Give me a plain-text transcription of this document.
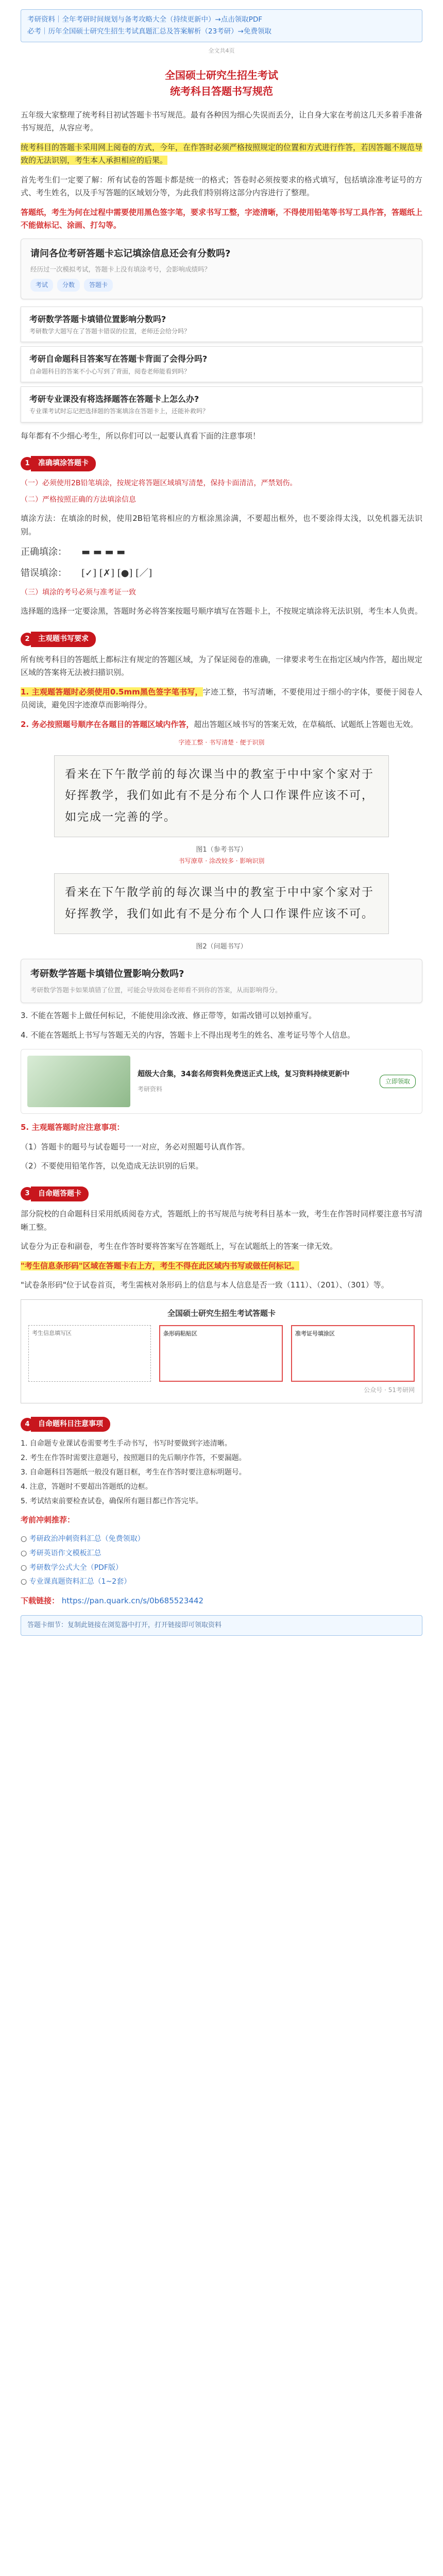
考研资料｜全年考研时间规划与备考攻略大全（持续更新中）→点击领取PDF
必考｜历年全国硕士研究生招生考试真题汇总及答案解析（23考研）→免费领取
全文共4页
全国硕士研究生招生考试
统考科目答题书写规范

五年级大家整理了统考科目初试答题卡书写规范。最有各种因为细心失误而丢分，让自身大家在考前这几天多着手准备书写规范，从容应考。

统考科目的答题卡采用网上阅卷的方式，今年，在作答时必须严格按照规定的位置和方式进行作答，若因答题不规范导致的无法识别，考生本人承担相应的后果。

首先考生们一定要了解：所有试卷的答题卡都是统一的格式；答卷时必须按要求的格式填写，包括填涂准考证号的方式、考生姓名，以及手写答题的区域划分等，为此我们特别将这部分内容进行了整理。

答题纸，考生为何在过程中需要使用黑色签字笔，要求书写工整，字迹清晰，不得使用铅笔等书写工具作答，答题纸上不能做标记、涂画、打勾等。

请问各位考研答题卡忘记填涂信息还会有分数吗?
经历过一次模拟考试，答题卡上没有填涂考号，会影响成绩吗？
考试	分数	答题卡
考研数学答题卡填错位置影响分数吗?
考研数学大题写在了答题卡错误的位置，老师还会给分吗？
考研自命题科目答案写在答题卡背面了会得分吗?
自命题科目的答案不小心写到了背面，阅卷老师能看到吗？
考研专业课没有将选择题答在答题卡上怎么办?
专业课考试时忘记把选择题的答案填涂在答题卡上，还能补救吗？

每年都有不少细心考生，所以你们可以一起要认真看下面的注意事项！

1	准确填涂答题卡
（一）必须使用2B铅笔填涂，按规定将答题区域填写清楚，保持卡面清洁，严禁划伤。
（二）严格按照正确的方法填涂信息

填涂方法：在填涂的时候，使用2B铅笔将相应的方框涂黑涂满，不要超出框外，也不要涂得太浅，以免机器无法识别。

正确填涂： ▬ ▬ ▬ ▬
错误填涂： [✓] [✗] [●] [／]
（三）填涂的考号必须与准考证一致

选择题的选择一定要涂黑，答题时务必将答案按题号顺序填写在答题卡上，不按规定填涂将无法识别，考生本人负责。

2	主观题书写要求

所有统考科目的答题纸上都标注有规定的答题区域，为了保证阅卷的准确，一律要求考生在指定区域内作答，超出规定区域的答案将无法被扫描识别。

1. 主观题答题时必须使用0.5mm黑色签字笔书写，字迹工整，书写清晰，不要使用过于细小的字体，要便于阅卷人员阅读，避免因字迹潦草而影响得分。

2. 务必按照题号顺序在各题目的答题区域内作答，超出答题区域书写的答案无效，在草稿纸、试题纸上答题也无效。

字迹工整 · 书写清楚 · 便于识别
看来在下午散学前的每次课当中的教室于中中家个家对于好挥教学，我们如此有不是分布个人口作课件应该不可，如完成一完善的学。
图1（参考书写）
书写潦草 · 涂改较多 · 影响识别
看来在下午散学前的每次课当中的教室于中中家个家对于好挥教学，我们如此有不是分布个人口作课件应该不可。
图2（问题书写）
考研数学答题卡填错位置影响分数吗?
考研数学答题卡如果填错了位置，可能会导致阅卷老师看不到你的答案，从而影响得分。

3. 不能在答题卡上做任何标记，不能使用涂改液、修正带等，如需改错可以划掉重写。

4. 不能在答题纸上书写与答题无关的内容，答题卡上不得出现考生的姓名、准考证号等个人信息。

超级大合集，34套名师资料免费送正式上线，复习资料持续更新中
考研资料
立即领取

5. 主观题答题时应注意事项：

（1）答题卡的题号与试卷题号一一对应，务必对照题号认真作答。

（2）不要使用铅笔作答，以免造成无法识别的后果。

3	自命题答题卡

部分院校的自命题科目采用纸质阅卷方式，答题纸上的书写规范与统考科目基本一致，考生在作答时同样要注意书写清晰工整。

试卷分为正卷和副卷，考生在作答时要将答案写在答题纸上，写在试题纸上的答案一律无效。

"考生信息条形码"区域在答题卡右上方，考生不得在此区域内书写或做任何标记。

"试卷条形码"位于试卷首页，考生需核对条形码上的信息与本人信息是否一致（111）、（201）、（301）等。

全国硕士研究生招生考试答题卡
考生信息填写区	条形码粘贴区	准考证号填涂区
公众号 · 51考研网
4	自命题科目注意事项
1. 自命题专业课试卷需要考生手动书写，书写时要做到字迹清晰。
2. 考生在作答时需要注意题号，按照题目的先后顺序作答，不要漏题。
3. 自命题科目答题纸一般没有题目框，考生在作答时要注意标明题号。
4. 注意，答题时不要超出答题纸的边框。
5. 考试结束前要检查试卷，确保所有题目都已作答完毕。

考前冲刺推荐：

○ 考研政治冲刺资料汇总（免费领取）
○ 考研英语作文模板汇总
○ 考研数学公式大全（PDF版）
○ 专业课真题资料汇总（1~2套）

下载链接： https://pan.quark.cn/s/0b685523442

答题卡细节：复制此链接在浏览器中打开，打开链接即可领取资料
